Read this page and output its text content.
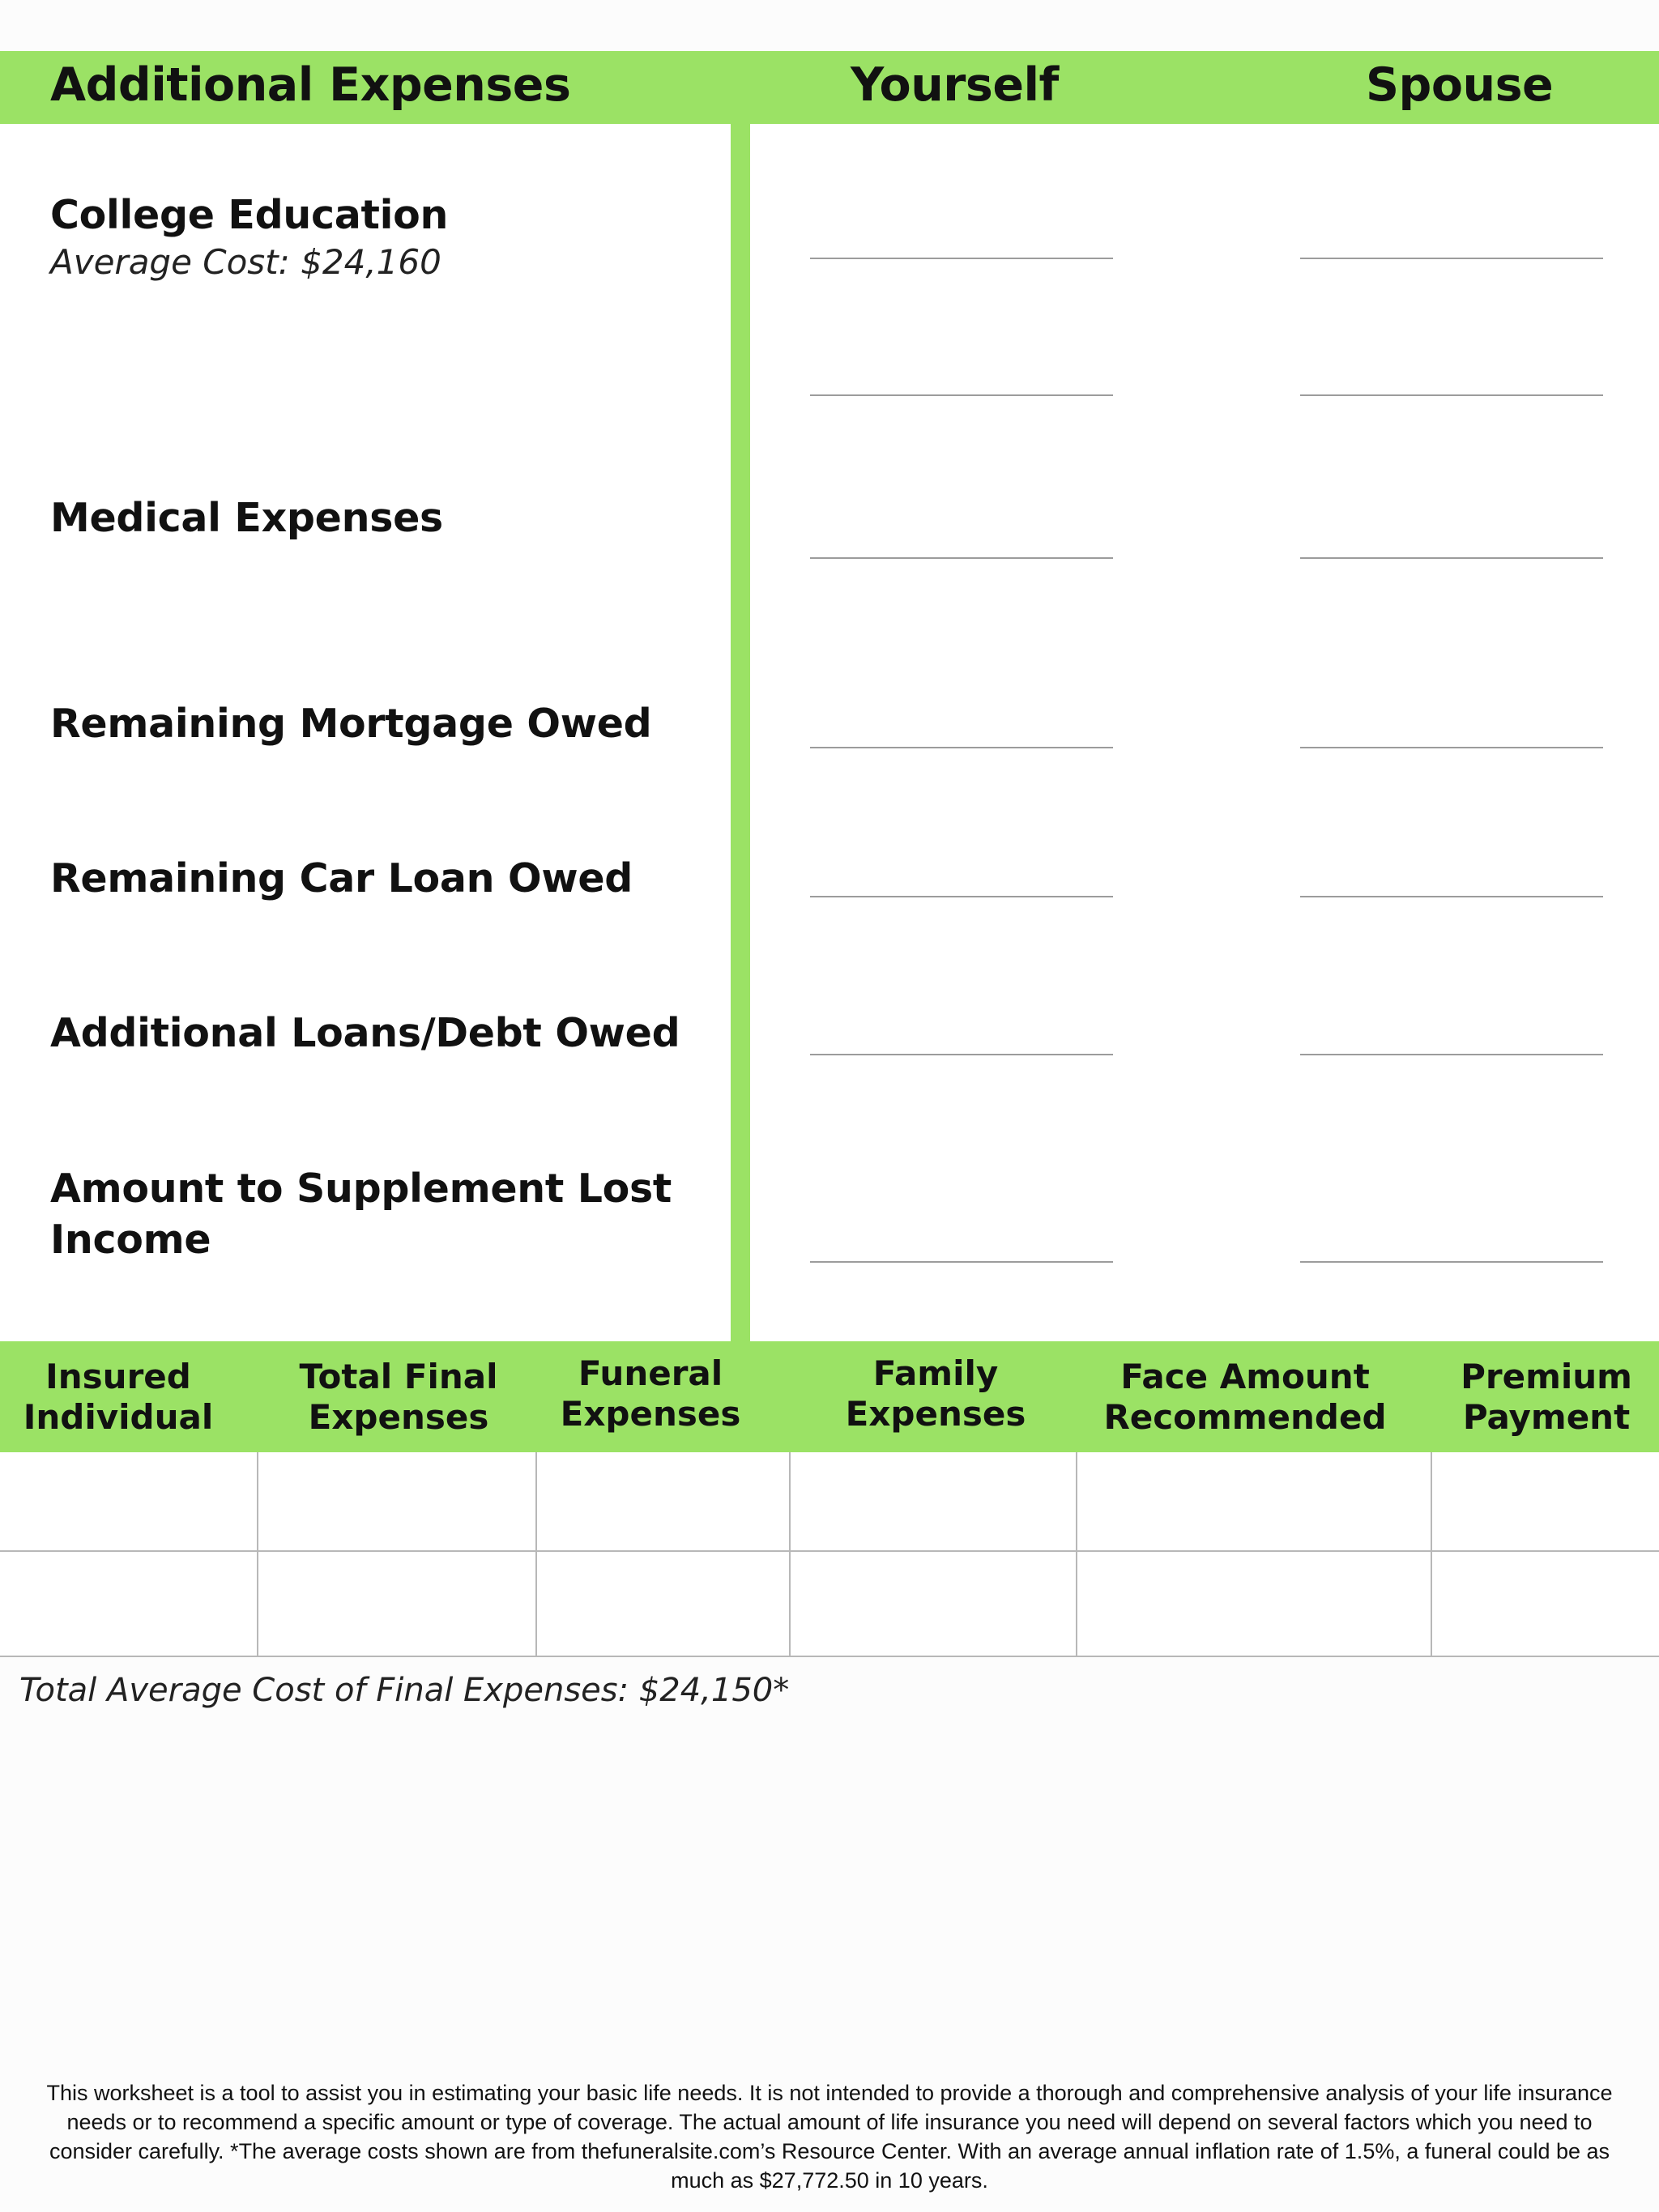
Additional Expenses	Yourself	Spouse
College Education
Average Cost: $24,160
Medical Expenses
Remaining Mortgage Owed
Remaining Car Loan Owed
Additional Loans/Debt Owed
Amount to Supplement Lost Income
Insured Individual
Total Final Expenses
Funeral Expenses
Family Expenses
Face Amount Recommended
Premium Payment
Total Average Cost of Final Expenses: $24,150*
This worksheet is a tool to assist you in estimating your basic life needs. It is not intended to provide a thorough and comprehensive analysis of your life insurance needs or to recommend a specific amount or type of coverage. The actual amount of life insurance you need will depend on several factors which you need to consider carefully. *The average costs shown are from thefuneralsite.com’s Resource Center. With an average annual inflation rate of 1.5%, a funeral could be as much as $27,772.50 in 10 years.
